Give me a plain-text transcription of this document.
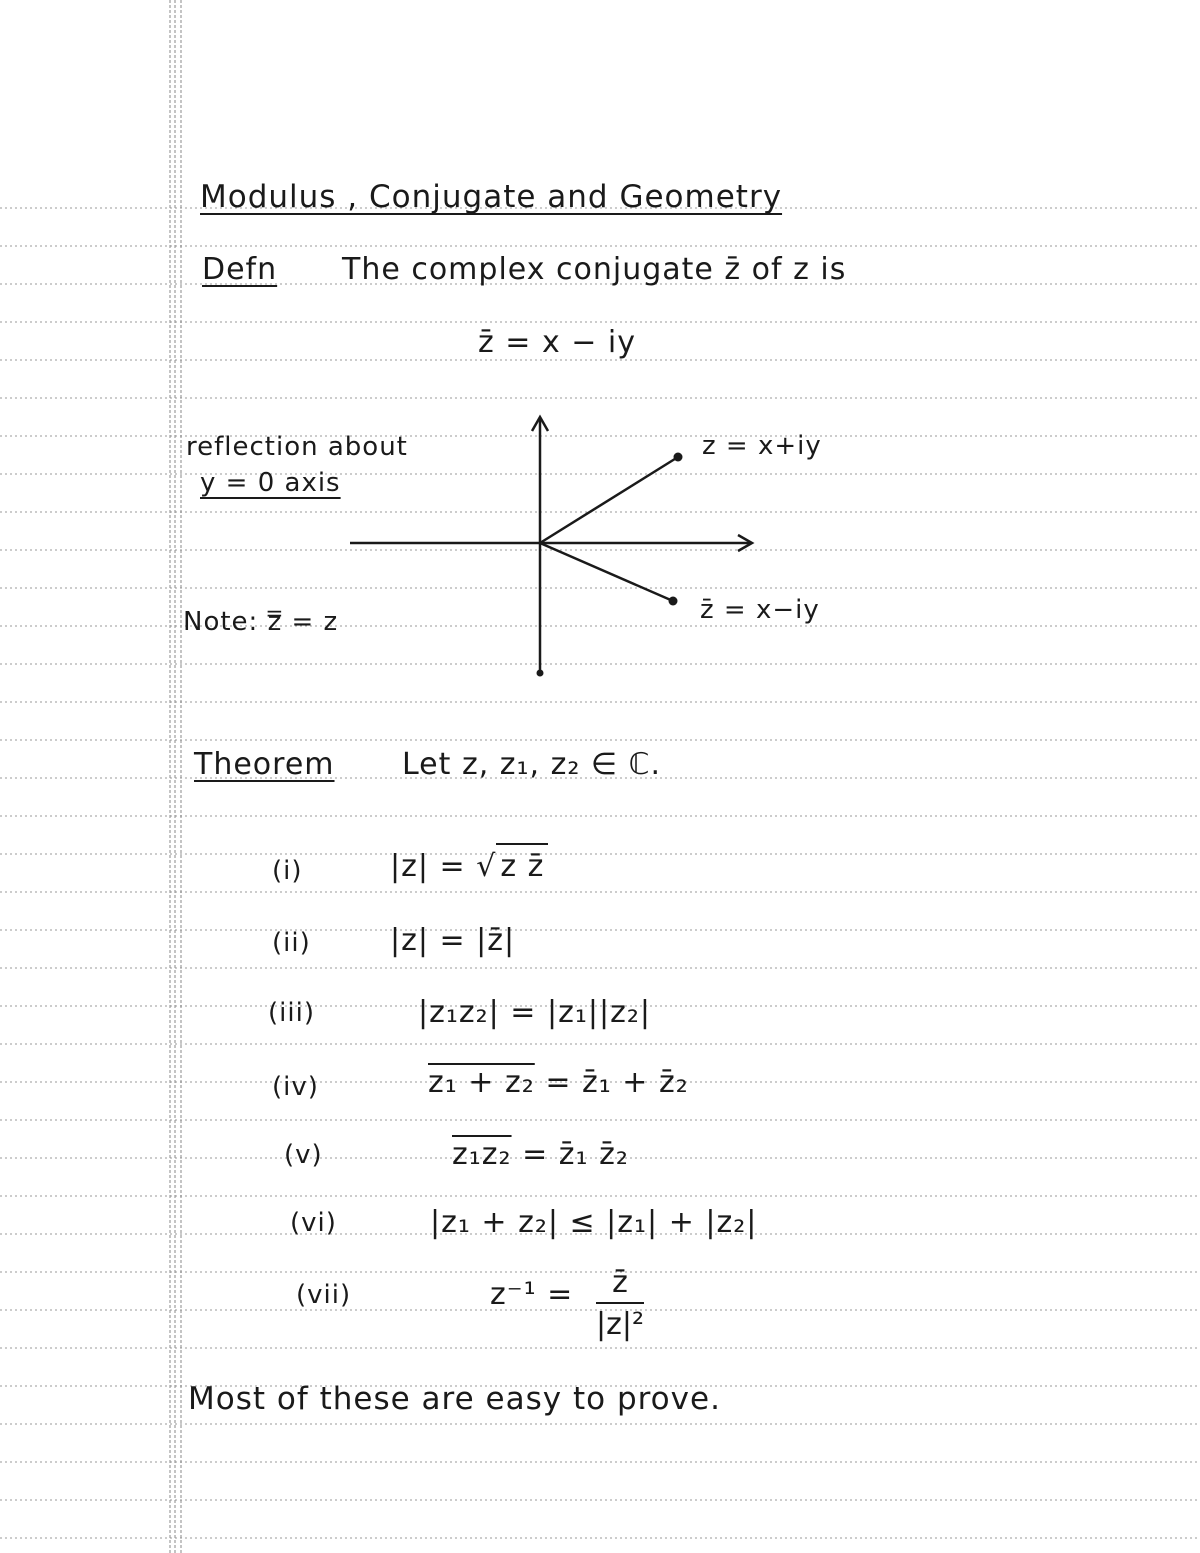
Modulus , Conjugate and Geometry
Defn The complex conjugate z̄ of z is
z̄ = x − iy
reflection about
y = 0 axis
z = x+iy
z̄ = x−iy
Note: z̿ = z
Theorem Let z, z₁, z₂ ∈ ℂ.
(i)	|z| = √ z z̄
(ii)	|z| = |z̄|
(iii)	|z₁z₂| = |z₁||z₂|
(iv)	z₁ + z₂ = z̄₁ + z̄₂
(v)	z₁z₂ = z̄₁ z̄₂
(vi)	|z₁ + z₂| ≤ |z₁| + |z₂|
(vii)	$z^{-1} = \frac{z̄}{\text{|z|²}}$
Most of these are easy to prove.
